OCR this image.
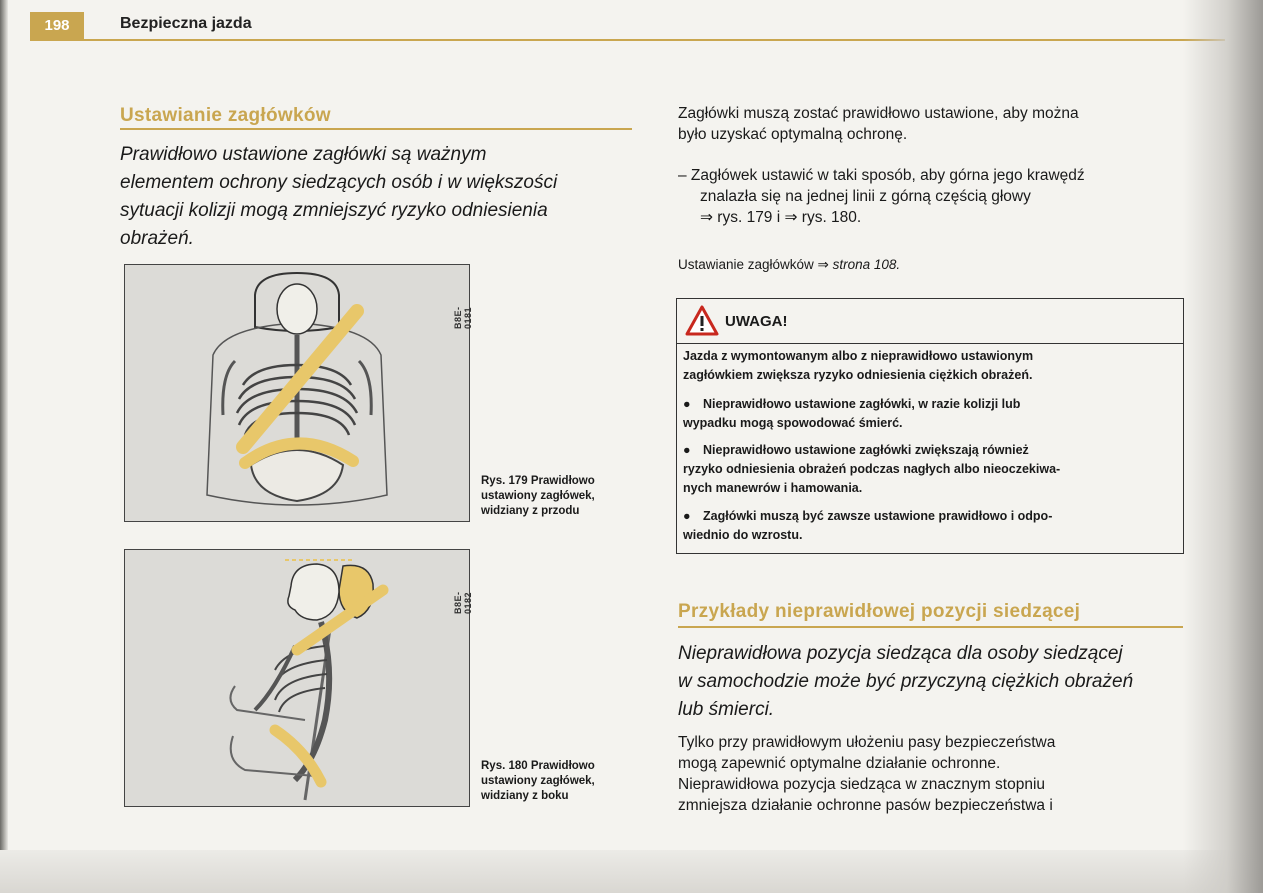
198	Bezpieczna jazda
Ustawianie zagłówków
Prawidłowo ustawione zagłówki są ważnym
elementem ochrony siedzących osób i w większości
sytuacji kolizji mogą zmniejszyć ryzyko odniesienia
obrażeń.
B8E-0181
Rys. 179 Prawidłowo
ustawiony zagłówek,
widziany z przodu
B8E-0182
Rys. 180 Prawidłowo
ustawiony zagłówek,
widziany z boku
Zagłówki muszą zostać prawidłowo ustawione, aby można
było uzyskać optymalną ochronę.
– Zagłówek ustawić w taki sposób, aby górna jego krawędź
znalazła się na jednej linii z górną częścią głowy
⇒ rys. 179 i ⇒ rys. 180.
Ustawianie zagłówków ⇒ strona 108.
UWAGA!
Jazda z wymontowanym albo z nieprawidłowo ustawionym
zagłówkiem zwiększa ryzyko odniesienia ciężkich obrażeń.
● Nieprawidłowo ustawione zagłówki, w razie kolizji lub
wypadku mogą spowodować śmierć.
● Nieprawidłowo ustawione zagłówki zwiększają również
ryzyko odniesienia obrażeń podczas nagłych albo nieoczekiwa-
nych manewrów i hamowania.
● Zagłówki muszą być zawsze ustawione prawidłowo i odpo-
wiednio do wzrostu.
Przykłady nieprawidłowej pozycji siedzącej
Nieprawidłowa pozycja siedząca dla osoby siedzącej
w samochodzie może być przyczyną ciężkich obrażeń
lub śmierci.
Tylko przy prawidłowym ułożeniu pasy bezpieczeństwa
mogą zapewnić optymalne działanie ochronne.
Nieprawidłowa pozycja siedząca w znacznym stopniu
zmniejsza działanie ochronne pasów bezpieczeństwa i
